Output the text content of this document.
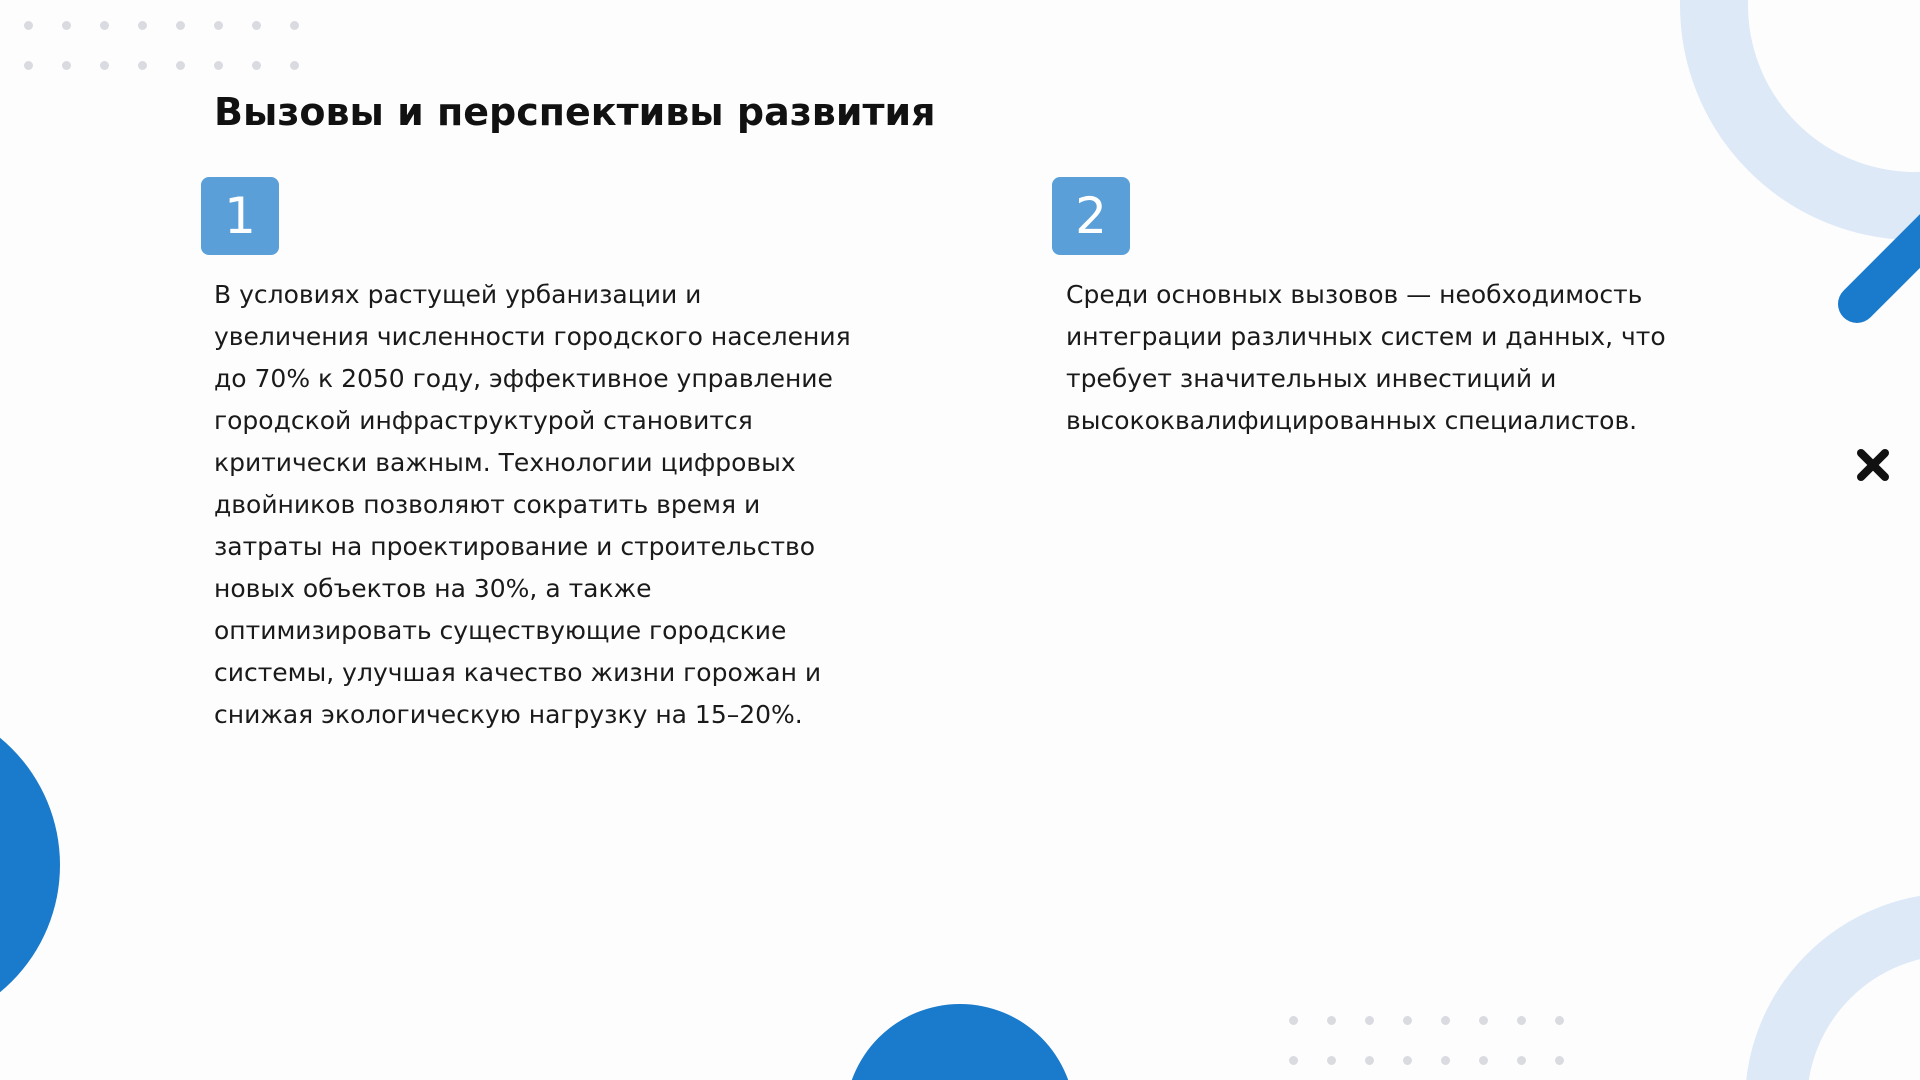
Вызовы и перспективы развития
1

В условиях растущей урбанизации и увеличения численности городского населения до 70% к 2050 году, эффективное управление городской инфраструктурой становится критически важным. Технологии цифровых двойников позволяют сократить время и затраты на проектирование и строительство новых объектов на 30%, а также оптимизировать существующие городские системы, улучшая качество жизни горожан и снижая экологическую нагрузку на 15–20%.

2

Среди основных вызовов — необходимость интеграции различных систем и данных, что требует значительных инвестиций и высококвалифицированных специалистов.
